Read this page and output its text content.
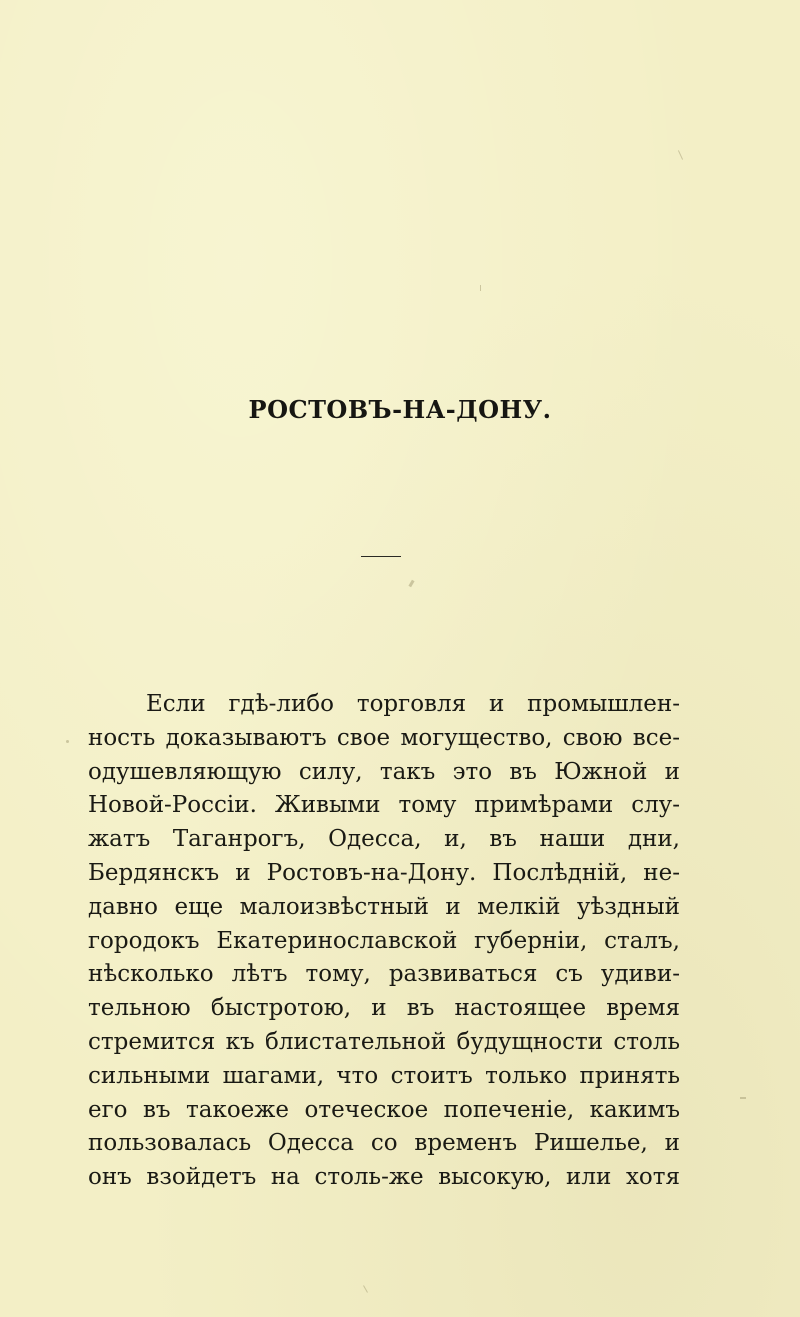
РОСТОВЪ-НА-ДОНУ.
Если гдѣ-либо торговля и промышлен-
ность доказываютъ свое могущество, свою все-
одушевляющую силу, такъ это въ Южной и
Новой-Россіи. Живыми тому примѣрами слу-
жатъ Таганрогъ, Одесса, и, въ наши дни,
Бердянскъ и Ростовъ-на-Дону. Послѣдній, не-
давно еще малоизвѣстный и мелкій уѣздный
городокъ Екатеринославской губерніи, сталъ,
нѣсколько лѣтъ тому, развиваться съ удиви-
тельною быстротою, и въ настоящее время
стремится къ блистательной будущности столь
сильными шагами, что стоитъ только принять
его въ такоеже отеческое попеченіе, какимъ
пользовалась Одесса со временъ Ришелье, и
онъ взойдетъ на столь-же высокую, или хотя
